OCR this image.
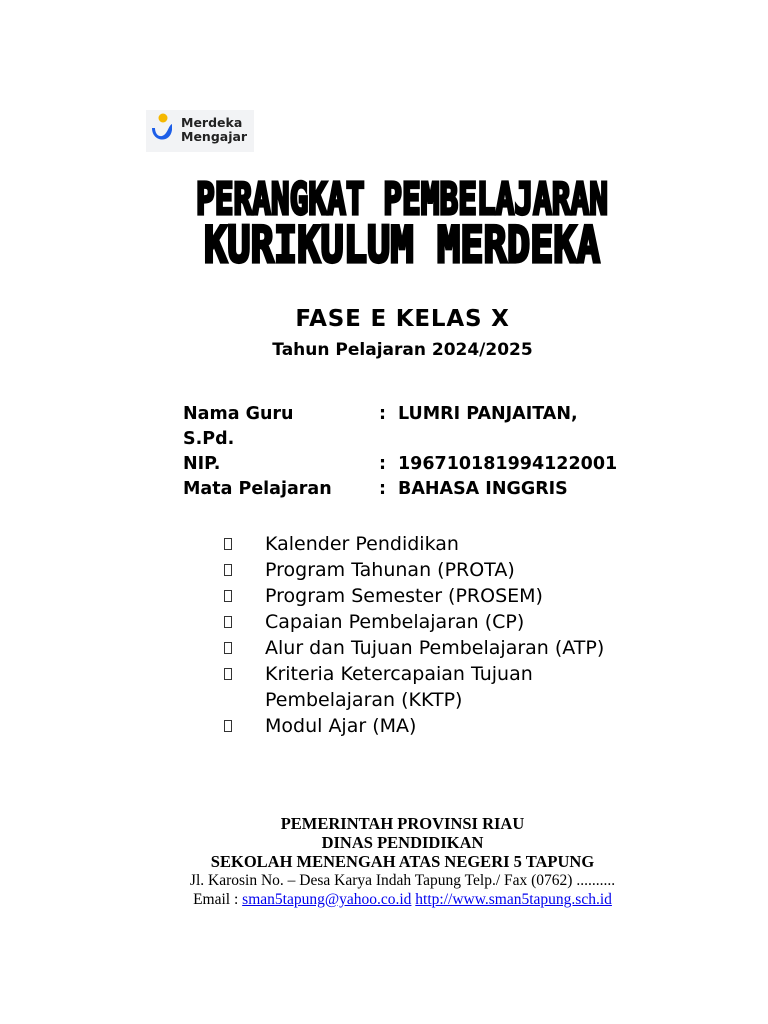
Merdeka
Mengajar
PERANGKAT PEMBELAJARAN
KURIKULUM MERDEKA
FASE E KELAS X
Tahun Pelajaran 2024/2025
Nama Guru	: LUMRI PANJAITAN,
S.Pd.
NIP.	: 196710181994122001
Mata Pelajaran	: BAHASA INGGRIS
Kalender Pendidikan
Program Tahunan (PROTA)
Program Semester (PROSEM)
Capaian Pembelajaran (CP)
Alur dan Tujuan Pembelajaran (ATP)
Kriteria Ketercapaian Tujuan Pembelajaran (KKTP)
Modul Ajar (MA)
PEMERINTAH PROVINSI RIAU
DINAS PENDIDIKAN
SEKOLAH MENENGAH ATAS NEGERI 5 TAPUNG
Jl. Karosin No. – Desa Karya Indah Tapung Telp./ Fax (0762) ..........
Email : sman5tapung@yahoo.co.id http://www.sman5tapung.sch.id
